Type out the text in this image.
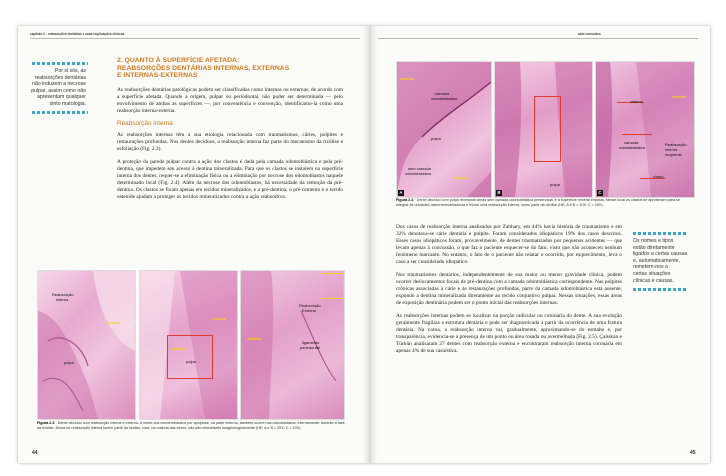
capítulo 2 · reabsorções dentárias e suas implicações clínicas
Por si sós, as
reabsorções dentárias
não induzem a necrose
pulpar, assim como não
apresentam qualquer
sinto matologia.
2. QUANTO À SUPERFÍCIE AFETADA:
REABSORÇÕES DENTÁRIAS INTERNAS, EXTERNAS
E INTERNAS-EXTERNAS

As reabsorções dentárias patológicas podem ser classificadas como internas ou externas, de acordo com a superfície afetada. Quando a origem, pulpar ou periodontal, não puder ser determinada — pelo envolvimento de ambas as superfícies —, por conveniência e convenção, identificamo-la como uma reabsorção interna-externa.

Reabsorção interna

As reabsorções internas têm a sua etiologia relacionada com traumatismos, cáries, polpites e restaurações profundas. Nos dentes decíduos, a reabsorção interna faz parte do mecanismo da rizólise e esfoliação (Fig. 2.3).

A proteção da parede pulpar contra a ação dos clastos é dada pela camada odontoblástica e pela pré-dentina, que impedem seu acesso à dentina mineralizada. Para que os clastos se instalem na superfície interna dos dentes, requer-se a eliminação física ou a eliminação por necrose dos odontoblastos naquele determinado local (Fig. 2.4). Além da necrose dos odontoblastos, há necessidade da remoção da pré-dentina. Os clastos se fixam apenas em tecidos mineralizados, e a pré-dentina, o pré-cemento e o tecido osteoide ajudam a proteger os tecidos mineralizados contra a ação reabsortiva.

Reabsorção
interna
dentina
polpa
dentina
polpa
dentina
Reabsorção
Externa
dentina
ligamento
periodontal
Figura 2.3 · Dente decíduo com reabsorção interna e externa. A morte dos cementoblastos por apoptose, na parte externa, também ocorre nos odontoblastos, internamente, durante a fase da rizólise. Áreas de reabsorção interna fazem parte da rizólise, mas, na maioria das vezes, não são detectáveis imaginologicamente (HE; A e B = 25X; C = 10X).
44
aldo consolaro
dentina
camada
odontoblástica
polpa
sem camada
odontoblástica
dentina
A
polpa
B
clastos
dentina
camada
odontoblástica
Reabsorção
interna
incipiente
clasto
C
Figura 2.4 · Dente decíduo com polpa revelando áreas sem camada odontoblástica preservada, e a superfície mineral exposta. Nesse local os clastos se aproximam para se integrar às unidades osteorremodeladoras e iniciar uma reabsorção interna, como parte da rizólise (HE; A e B = 10X; C = 25X).

Dos casos de reabsorção interna analisados por Zahhary, em 44% havia história de traumatismo e em 32% denotava-se cárie dentária e pulpite. Foram considerados idiopáticos 19% dos casos descritos. Esses casos idiopáticos foram, provavelmente, de dentes traumatizados por pequenos acidentes — que levam apenas à concussão, o que faz o paciente esquecer-se do fato, visto que não aconteceu nenhum fenômeno marcante. No entanto, o fato de o paciente não relatar o ocorrido, por esquecimento, leva o caso a ser considerado idiopático.

Nos traumatismos dentários, independentemente de sua maior ou menor gravidade clínica, podem ocorrer deslocamentos focais de pré-dentina com a camada odontoblástica correspondente. Nas polpites crônicas associadas à cárie e às restaurações profundas, parte da camada odontoblástica está ausente, expondo a dentina mineralizada diretamente ao tecido conjuntivo pulpar. Nessas situações, essas áreas de exposição dentinária podem ser o ponto inicial das reabsorções internas.

As reabsorções internas podem se localizar na porção radicular ou coronária do dente. A sua evolução geralmente fragiliza a estrutura dentária e pode ser diagnosticada a partir da ocorrência de uma fratura dentária. Na coroa, a reabsorção interna vai, gradualmente, aproximando-se do esmalte e, por transparência, evidencia-se a presença de um ponto ou área rosada ou avermelhada (Fig. 2.5). Çalıskan e Türkün analisaram 27 dentes com reabsorção externa e encontraram reabsorção interna coronária em apenas 4% de sua casuística.

Os nomes e tipos
estão diretamente
ligados a certas causas
e, automaticamente,
remetem-nos a
certas situações
clínicas e causas.
45
